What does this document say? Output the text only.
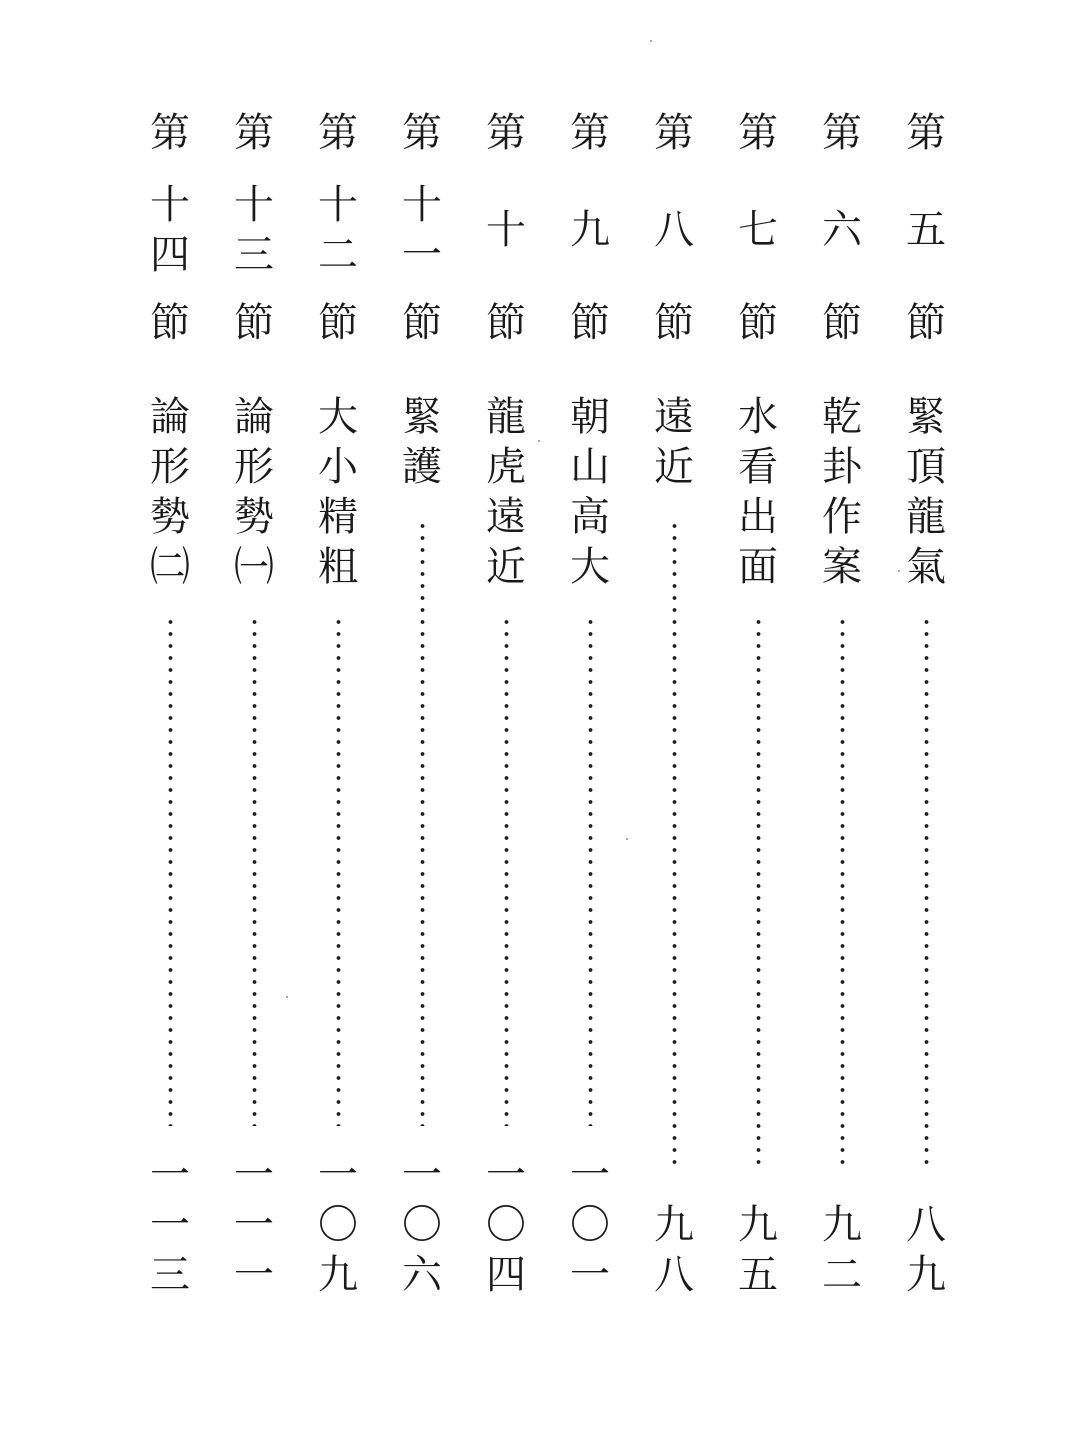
第
五
節
緊
頂
龍
氣
八
九
第
六
節
乾
卦
作
案
九
二
第
七
節
水
看
出
面
九
五
第
八
節
遠
近
九
八
第
九
節
朝
山
高
大
一
〇
一
第
十
節
龍
虎
遠
近
一
〇
四
第
十
一
節
緊
護
一
〇
六
第
十
二
節
大
小
精
粗
一
〇
九
第
十
三
節
論
形
勢
㈠
一
一
一
第
十
四
節
論
形
勢
㈡
一
一
三
